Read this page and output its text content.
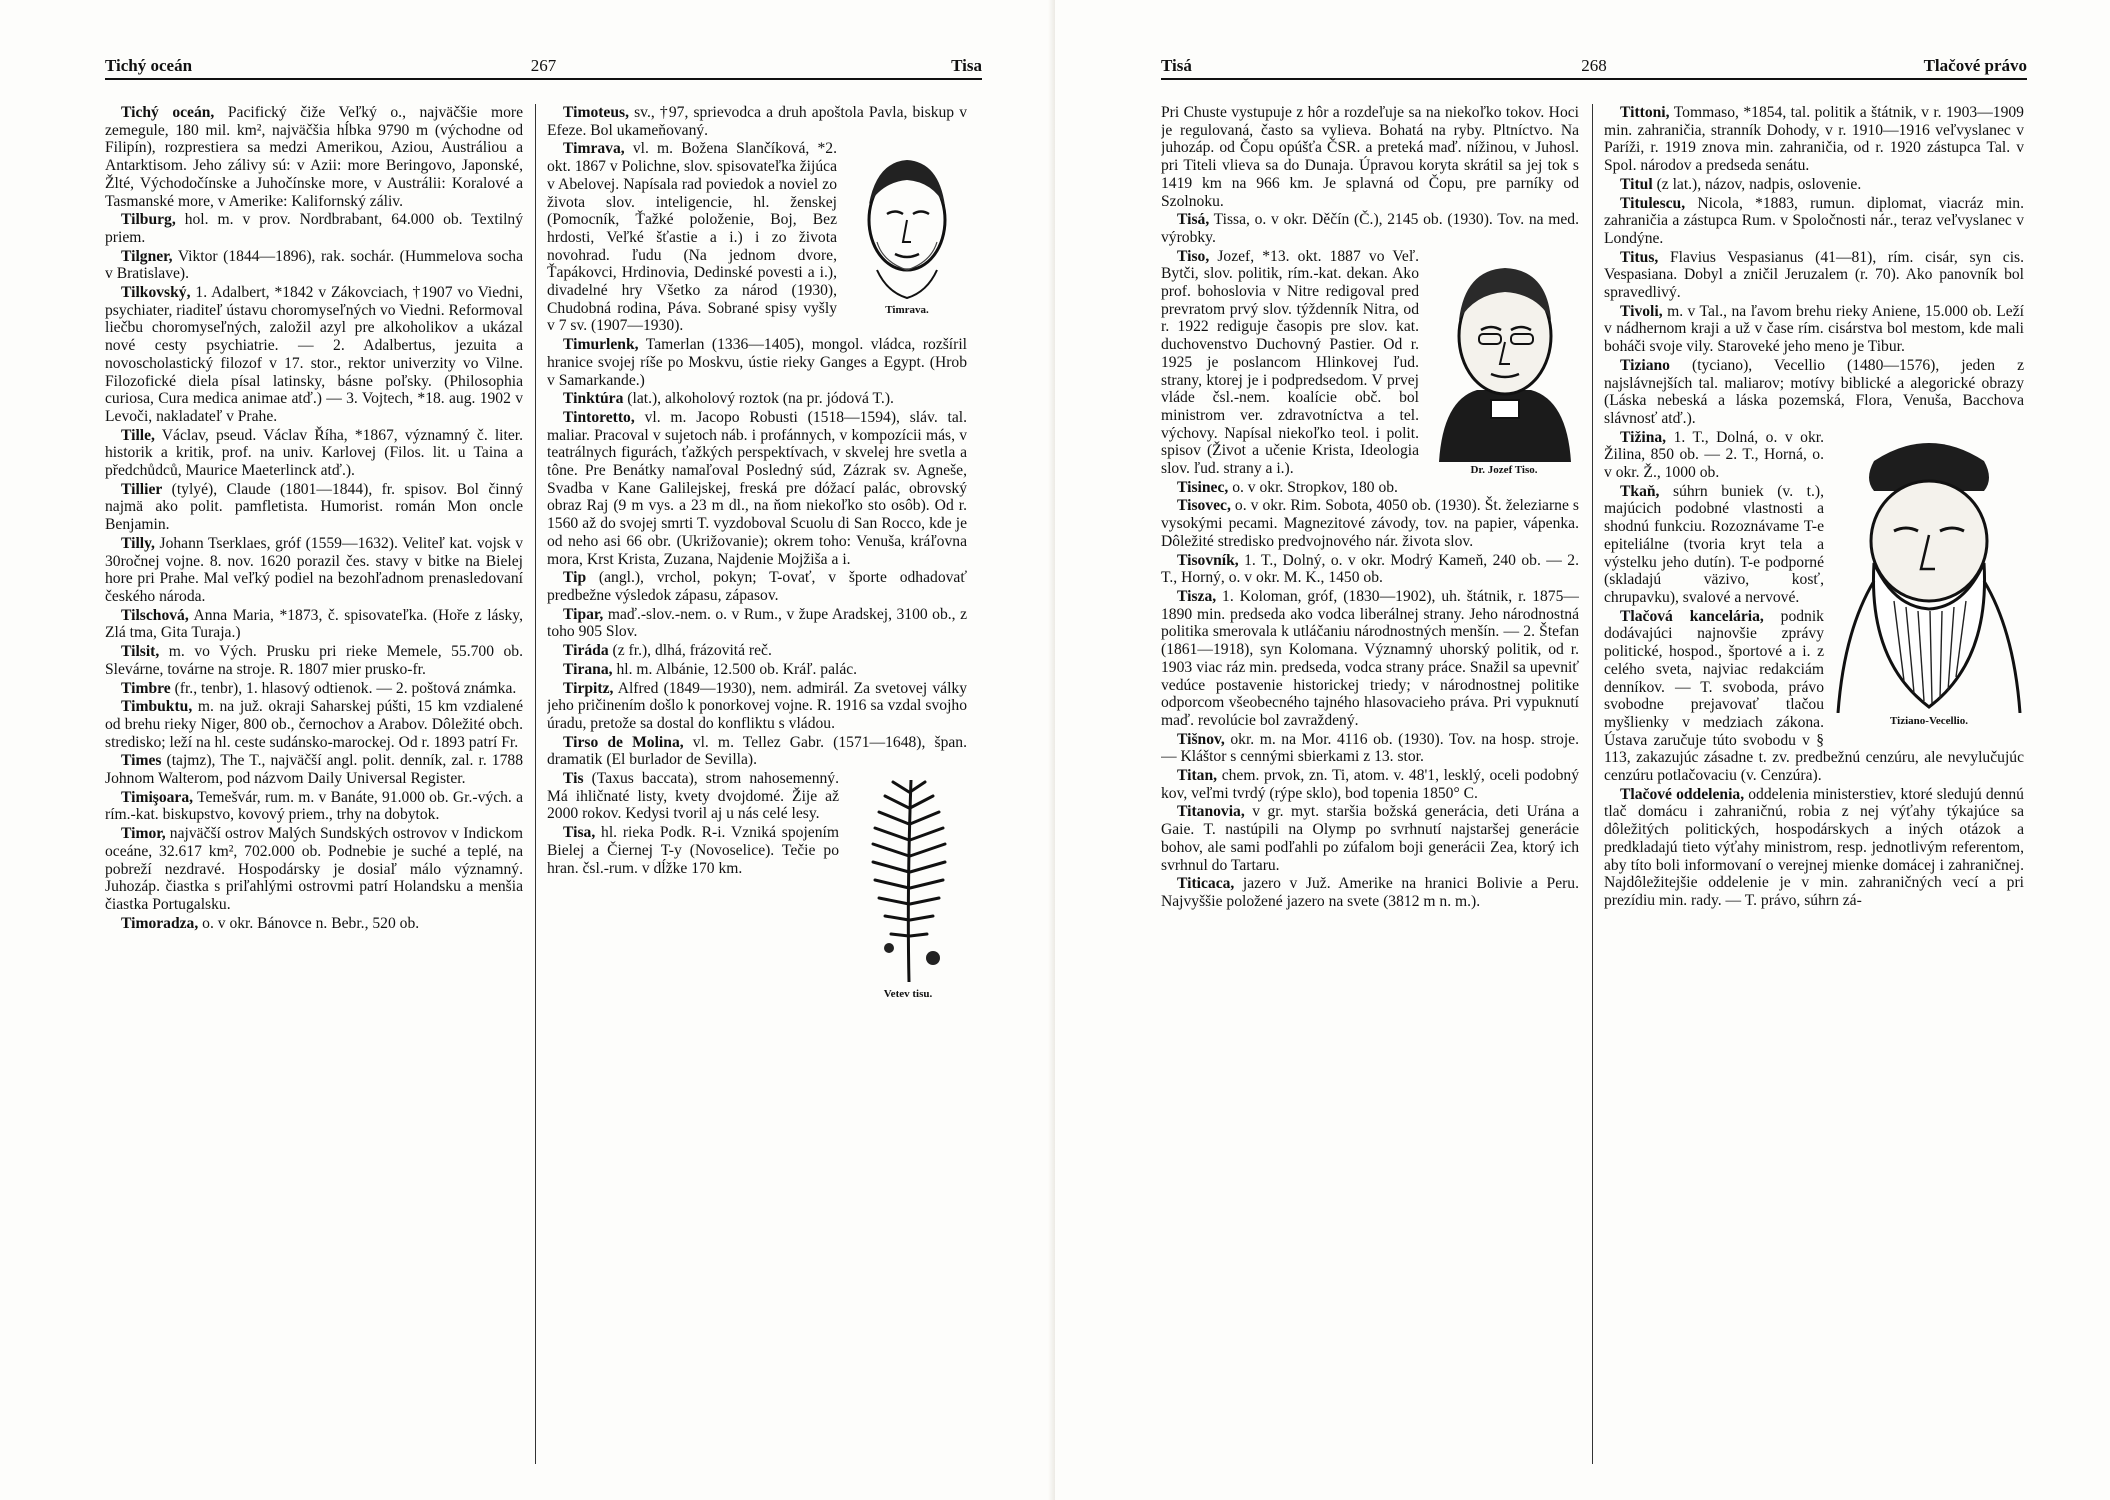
Tichý oceán	267	Tisa

Tichý oceán, Pacifický čiže Veľký o., najväčšie more zemegule, 180 mil. km², najväčšia hĺbka 9790 m (východne od Filipín), rozprestiera sa medzi Amerikou, Aziou, Austráliou a Antarktisom. Jeho zálivy sú: v Azii: more Beringovo, Japonské, Žlté, Východočínske a Juhočínske more, v Austrálii: Koralové a Tasmanské more, v Amerike: Kalifornský záliv.

Tilburg, hol. m. v prov. Nordbrabant, 64.000 ob. Textilný priem.

Tilgner, Viktor (1844—1896), rak. sochár. (Hummelova socha v Bratislave).

Tilkovský, 1. Adalbert, *1842 v Zákovciach, †1907 vo Viedni, psychiater, riaditeľ ústavu choromyseľných vo Viedni. Reformoval liečbu choromyseľných, založil azyl pre alkoholikov a ukázal nové cesty psychiatrie. — 2. Adalbertus, jezuita a novoscholastický filozof v 17. stor., rektor univerzity vo Vilne. Filozofické diela písal latinsky, básne poľsky. (Philosophia curiosa, Cura medica animae atď.) — 3. Vojtech, *18. aug. 1902 v Levoči, nakladateľ v Prahe.

Tille, Václav, pseud. Václav Říha, *1867, významný č. liter. historik a kritik, prof. na univ. Karlovej (Filos. lit. u Taina a předchůdců, Maurice Maeterlinck atď.).

Tillier (tylyé), Claude (1801—1844), fr. spisov. Bol činný najmä ako polit. pamfletista. Humorist. román Mon oncle Benjamin.

Tilly, Johann Tserklaes, gróf (1559—1632). Veliteľ kat. vojsk v 30ročnej vojne. 8. nov. 1620 porazil čes. stavy v bitke na Bielej hore pri Prahe. Mal veľký podiel na bezohľadnom prenasledovaní českého národa.

Tilschová, Anna Maria, *1873, č. spisovateľka. (Hoře z lásky, Zlá tma, Gita Turaja.)

Tilsit, m. vo Vých. Prusku pri rieke Memele, 55.700 ob. Slevárne, továrne na stroje. R. 1807 mier prusko-fr.

Timbre (fr., tenbr), 1. hlasový odtienok. — 2. poštová známka.

Timbuktu, m. na juž. okraji Saharskej púšti, 15 km vzdialené od brehu rieky Niger, 800 ob., černochov a Arabov. Dôležité obch. stredisko; leží na hl. ceste sudánsko-marockej. Od r. 1893 patrí Fr.

Times (tajmz), The T., najväčší angl. polit. denník, zal. r. 1788 Johnom Walterom, pod názvom Daily Universal Register.

Timişoara, Temešvár, rum. m. v Banáte, 91.000 ob. Gr.-vých. a rím.-kat. biskupstvo, kovový priem., trhy na dobytok.

Timor, najväčší ostrov Malých Sundských ostrovov v Indickom oceáne, 32.617 km², 702.000 ob. Podnebie je suché a teplé, na pobreží nezdravé. Hospodársky je dosiaľ málo významný. Juhozáp. čiastka s priľahlými ostrovmi patrí Holandsku a menšia čiastka Portugalsku.

Timoradza, o. v okr. Bánovce n. Bebr., 520 ob.

Timoteus, sv., †97, sprievodca a druh apoštola Pavla, biskup v Efeze. Bol ukameňovaný.

Timrava.

Timrava, vl. m. Božena Slančíková, *2. okt. 1867 v Polichne, slov. spisovateľka žijúca v Abelovej. Napísala rad poviedok a noviel zo života slov. inteligencie, hl. ženskej (Pomocník, Ťažké položenie, Boj, Bez hrdosti, Veľké šťastie a i.) i zo života novohrad. ľudu (Na jednom dvore, Ťapákovci, Hrdinovia, Dedinské povesti a i.), divadelné hry Všetko za národ (1930), Chudobná rodina, Páva. Sobrané spisy vyšly v 7 sv. (1907—1930).

Timurlenk, Tamerlan (1336—1405), mongol. vládca, rozšíril hranice svojej ríše po Moskvu, ústie rieky Ganges a Egypt. (Hrob v Samarkande.)

Tinktúra (lat.), alkoholový roztok (na pr. jódová T.).

Tintoretto, vl. m. Jacopo Robusti (1518—1594), sláv. tal. maliar. Pracoval v sujetoch náb. i profánnych, v kompozícii más, v teatrálnych figurách, ťažkých perspektívach, v skvelej hre svetla a tône. Pre Benátky namaľoval Posledný súd, Zázrak sv. Agneše, Svadba v Kane Galilejskej, freská pre dóžací palác, obrovský obraz Raj (9 m vys. a 23 m dl., na ňom niekoľko sto osôb). Od r. 1560 až do svojej smrti T. vyzdoboval Scuolu di San Rocco, kde je od neho asi 66 obr. (Ukrižovanie); okrem toho: Venuša, kráľovna mora, Krst Krista, Zuzana, Najdenie Mojžiša a i.

Tip (angl.), vrchol, pokyn; T-ovať, v športe odhadovať predbežne výsledok zápasu, zápasov.

Tipar, maď.-slov.-nem. o. v Rum., v župe Aradskej, 3100 ob., z toho 905 Slov.

Tiráda (z fr.), dlhá, frázovitá reč.

Tirana, hl. m. Albánie, 12.500 ob. Kráľ. palác.

Tirpitz, Alfred (1849—1930), nem. admirál. Za svetovej války jeho pričinením došlo k ponorkovej vojne. R. 1916 sa vzdal svojho úradu, pretože sa dostal do konfliktu s vládou.

Tirso de Molina, vl. m. Tellez Gabr. (1571—1648), špan. dramatik (El burlador de Sevilla).

Vetev tisu.

Tis (Taxus baccata), strom nahosemenný. Má ihličnaté listy, kvety dvojdomé. Žije až 2000 rokov. Kedysi tvoril aj u nás celé lesy.

Tisa, hl. rieka Podk. R-i. Vzniká spojením Bielej a Čiernej T-y (Novoselice). Tečie po hran. čsl.-rum. v dĺžke 170 km.

Tisá	268	Tlačové právo

Pri Chuste vystupuje z hôr a rozdeľuje sa na niekoľko tokov. Hoci je regulovaná, často sa vylieva. Bohatá na ryby. Pltníctvo. Na juhozáp. od Čopu opúšťa ČSR. a preteká maď. nížinou, v Juhosl. pri Titeli vlieva sa do Dunaja. Úpravou koryta skrátil sa jej tok s 1419 km na 966 km. Je splavná od Čopu, pre parníky od Szolnoku.

Tisá, Tissa, o. v okr. Děčín (Č.), 2145 ob. (1930). Tov. na med. výrobky.

Dr. Jozef Tiso.

Tiso, Jozef, *13. okt. 1887 vo Veľ. Bytči, slov. politik, rím.-kat. dekan. Ako prof. bohoslovia v Nitre redigoval pred prevratom prvý slov. týždenník Nitra, od r. 1922 rediguje časopis pre slov. kat. duchovenstvo Duchovný Pastier. Od r. 1925 je poslancom Hlinkovej ľud. strany, ktorej je i podpredsedom. V prvej vláde čsl.-nem. koalície obč. bol ministrom ver. zdravotníctva a tel. výchovy. Napísal niekoľko teol. i polit. spisov (Život a učenie Krista, Ideologia slov. ľud. strany a i.).

Tisinec, o. v okr. Stropkov, 180 ob.

Tisovec, o. v okr. Rim. Sobota, 4050 ob. (1930). Št. železiarne s vysokými pecami. Magnezitové závody, tov. na papier, vápenka. Dôležité stredisko predvojnového nár. života slov.

Tisovník, 1. T., Dolný, o. v okr. Modrý Kameň, 240 ob. — 2. T., Horný, o. v okr. M. K., 1450 ob.

Tisza, 1. Koloman, gróf, (1830—1902), uh. štátnik, r. 1875—1890 min. predseda ako vodca liberálnej strany. Jeho národnostná politika smerovala k utláčaniu národnostných menšín. — 2. Štefan (1861—1918), syn Kolomana. Významný uhorský politik, od r. 1903 viac ráz min. predseda, vodca strany práce. Snažil sa upevniť vedúce postavenie historickej triedy; v národnostnej politike odporcom všeobecného tajného hlasovacieho práva. Pri vypuknutí maď. revolúcie bol zavraždený.

Tišnov, okr. m. na Mor. 4116 ob. (1930). Tov. na hosp. stroje. — Kláštor s cennými sbierkami z 13. stor.

Titan, chem. prvok, zn. Ti, atom. v. 48'1, lesklý, oceli podobný kov, veľmi tvrdý (rýpe sklo), bod topenia 1850° C.

Titanovia, v gr. myt. staršia božská generácia, deti Urána a Gaie. T. nastúpili na Olymp po svrhnutí najstaršej generácie bohov, ale sami podľahli po zúfalom boji generácii Zea, ktorý ich svrhnul do Tartaru.

Titicaca, jazero v Juž. Amerike na hranici Bolivie a Peru. Najvyššie položené jazero na svete (3812 m n. m.).

Tittoni, Tommaso, *1854, tal. politik a štátnik, v r. 1903—1909 min. zahraničia, stranník Dohody, v r. 1910—1916 veľvyslanec v Paríži, r. 1919 znova min. zahraničia, od r. 1920 zástupca Tal. v Spol. národov a predseda senátu.

Titul (z lat.), názov, nadpis, oslovenie.

Titulescu, Nicola, *1883, rumun. diplomat, viacráz min. zahraničia a zástupca Rum. v Spoločnosti nár., teraz veľvyslanec v Londýne.

Titus, Flavius Vespasianus (41—81), rím. cisár, syn cis. Vespasiana. Dobyl a zničil Jeruzalem (r. 70). Ako panovník bol spravedlivý.

Tivoli, m. v Tal., na ľavom brehu rieky Aniene, 15.000 ob. Leží v nádhernom kraji a už v čase rím. cisárstva bol mestom, kde mali boháči svoje vily. Staroveké jeho meno je Tibur.

Tiziano (tyciano), Vecellio (1480—1576), jeden z najslávnejších tal. maliarov; motívy biblické a alegorické obrazy (Láska nebeská a láska pozemská, Flora, Venuša, Bacchova slávnosť atď.).

Tiziano-Vecellio.

Tižina, 1. T., Dolná, o. v okr. Žilina, 850 ob. — 2. T., Horná, o. v okr. Ž., 1000 ob.

Tkaň, súhrn buniek (v. t.), majúcich podobné vlastnosti a shodnú funkciu. Rozoznávame T-e epiteliálne (tvoria kryt tela a výstelku jeho dutín). T-e podporné (skladajú väzivo, kosť, chrupavku), svalové a nervové.

Tlačová kancelária, podnik dodávajúci najnovšie zprávy politické, hospod., športové a i. z celého sveta, najviac redakciám denníkov. — T. svoboda, právo svobodne prejavovať tlačou myšlienky v medziach zákona. Ústava zaručuje túto svobodu v § 113, zakazujúc zásadne t. zv. predbežnú cenzúru, ale nevylučujúc cenzúru potlačovaciu (v. Cenzúra).

Tlačové oddelenia, oddelenia ministerstiev, ktoré sledujú dennú tlač domácu i zahraničnú, robia z nej výťahy týkajúce sa dôležitých politických, hospodárskych a iných otázok a predkladajú tieto výťahy ministrom, resp. jednotlivým referentom, aby títo boli informovaní o verejnej mienke domácej i zahraničnej. Najdôležitejšie oddelenie je v min. zahraničných vecí a pri prezídiu min. rady. — T. právo, súhrn zá-
